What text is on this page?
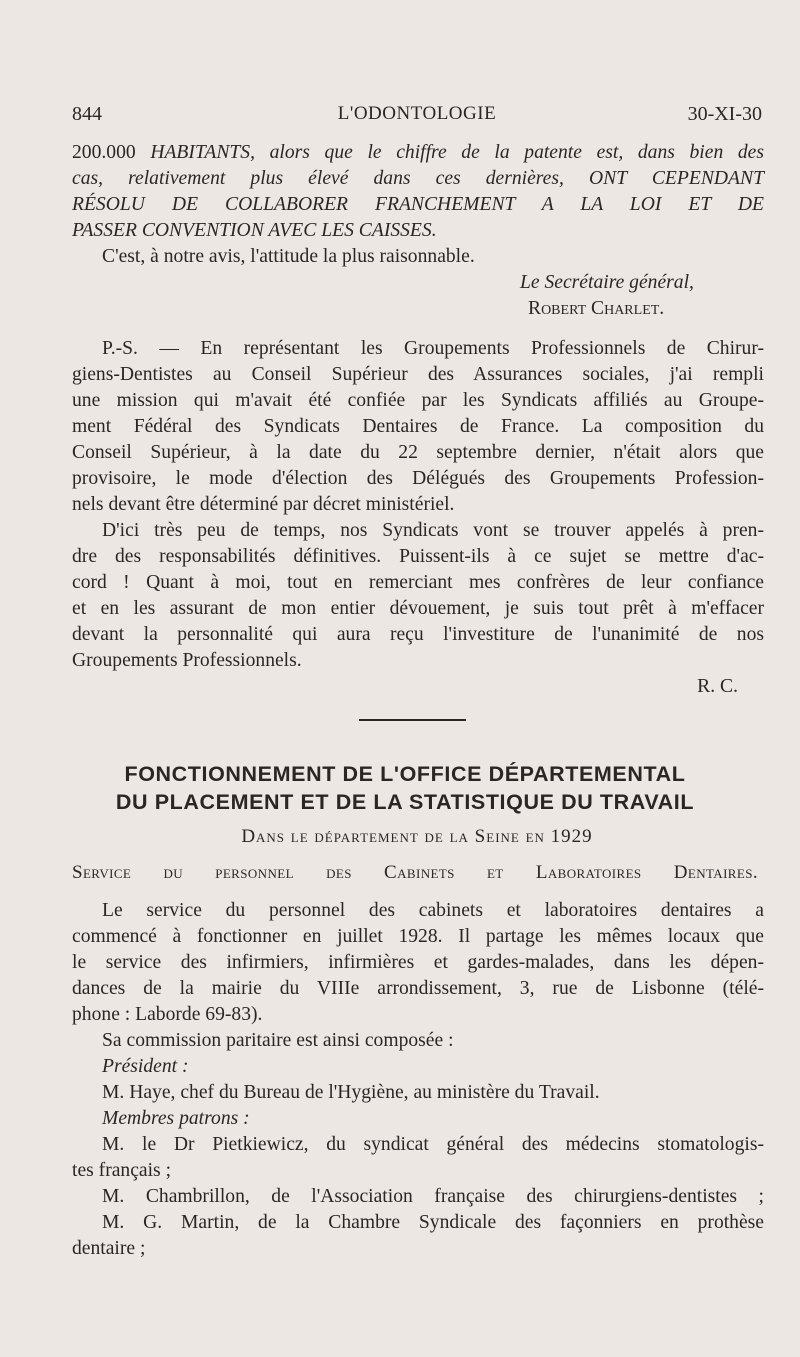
844	L'ODONTOLOGIE	30-XI-30
200.000 HABITANTS, alors que le chiffre de la patente est, dans bien des
cas, relativement plus élevé dans ces dernières, ONT CEPENDANT
RÉSOLU DE COLLABORER FRANCHEMENT A LA LOI ET DE
PASSER CONVENTION AVEC LES CAISSES.
C'est, à notre avis, l'attitude la plus raisonnable.
Le Secrétaire général,
Robert Charlet.
P.-S. — En représentant les Groupements Professionnels de Chirur-
giens-Dentistes au Conseil Supérieur des Assurances sociales, j'ai rempli
une mission qui m'avait été confiée par les Syndicats affiliés au Groupe-
ment Fédéral des Syndicats Dentaires de France. La composition du
Conseil Supérieur, à la date du 22 septembre dernier, n'était alors que
provisoire, le mode d'élection des Délégués des Groupements Profession-
nels devant être déterminé par décret ministériel.
D'ici très peu de temps, nos Syndicats vont se trouver appelés à pren-
dre des responsabilités définitives. Puissent-ils à ce sujet se mettre d'ac-
cord ! Quant à moi, tout en remerciant mes confrères de leur confiance
et en les assurant de mon entier dévouement, je suis tout prêt à m'effacer
devant la personnalité qui aura reçu l'investiture de l'unanimité de nos
Groupements Professionnels.
R. C.
FONCTIONNEMENT DE L'OFFICE DÉPARTEMENTAL
DU PLACEMENT ET DE LA STATISTIQUE DU TRAVAIL
Dans le département de la Seine en 1929
Service du personnel des Cabinets et Laboratoires Dentaires.
Le service du personnel des cabinets et laboratoires dentaires a
commencé à fonctionner en juillet 1928. Il partage les mêmes locaux que
le service des infirmiers, infirmières et gardes-malades, dans les dépen-
dances de la mairie du VIIIe arrondissement, 3, rue de Lisbonne (télé-
phone : Laborde 69-83).
Sa commission paritaire est ainsi composée :
Président :
M. Haye, chef du Bureau de l'Hygiène, au ministère du Travail.
Membres patrons :
M. le Dr Pietkiewicz, du syndicat général des médecins stomatologis-
tes français ;
M. Chambrillon, de l'Association française des chirurgiens-dentistes ;
M. G. Martin, de la Chambre Syndicale des façonniers en prothèse
dentaire ;
